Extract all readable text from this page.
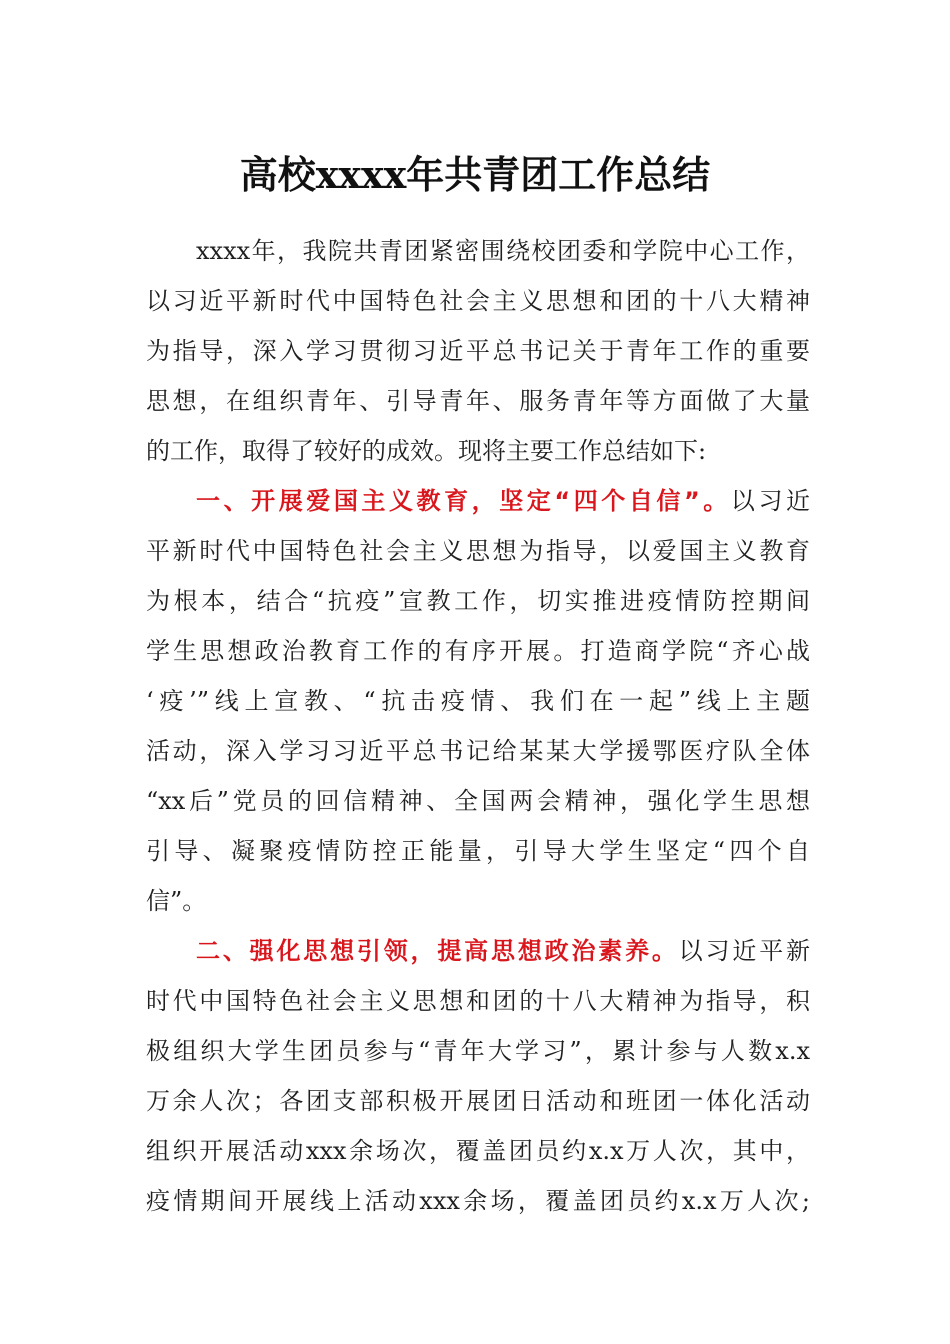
高校xxxx年共青团工作总结
xxxx年，我院共青团紧密围绕校团委和学院中心工作，
以习近平新时代中国特色社会主义思想和团的十八大精神
为指导，深入学习贯彻习近平总书记关于青年工作的重要
思想，在组织青年、引导青年、服务青年等方面做了大量
的工作，取得了较好的成效。现将主要工作总结如下:
一、开展爱国主义教育，坚定“四个自信”。以习近
平新时代中国特色社会主义思想为指导，以爱国主义教育
为根本，结合“抗疫”宣教工作，切实推进疫情防控期间
学生思想政治教育工作的有序开展。打造商学院“齐心战
‘疫’”线上宣教、“抗击疫情、我们在一起”线上主题
活动，深入学习习近平总书记给某某大学援鄂医疗队全体
“xx后”党员的回信精神、全国两会精神，强化学生思想
引导、凝聚疫情防控正能量，引导大学生坚定“四个自
信”。
二、强化思想引领，提高思想政治素养。以习近平新
时代中国特色社会主义思想和团的十八大精神为指导，积
极组织大学生团员参与“青年大学习”，累计参与人数x.x
万余人次；各团支部积极开展团日活动和班团一体化活动
组织开展活动xxx余场次，覆盖团员约x.x万人次，其中，
疫情期间开展线上活动xxx余场，覆盖团员约x.x万人次;
